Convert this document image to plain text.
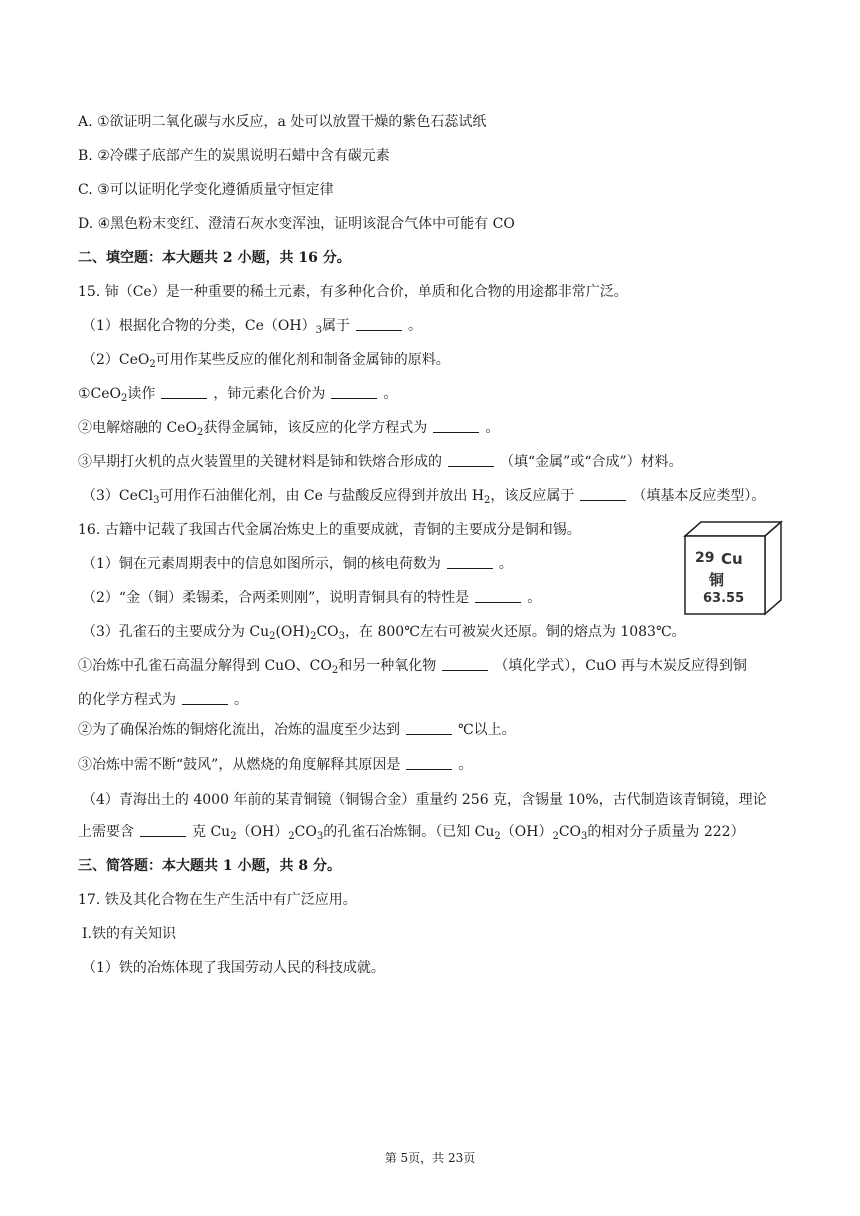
A. ①欲证明二氧化碳与水反应，a 处可以放置干燥的紫色石蕊试纸
B. ②冷碟子底部产生的炭黑说明石蜡中含有碳元素
C. ③可以证明化学变化遵循质量守恒定律
D. ④黑色粉末变红、澄清石灰水变浑浊，证明该混合气体中可能有 CO
二、填空题：本大题共 2 小题，共 16 分。
15. 铈（Ce）是一种重要的稀土元素，有多种化合价，单质和化合物的用途都非常广泛。
（1）根据化合物的分类，$Ce(OH)_3$属于	。
（2）CeO$_2$可用作某些反应的催化剂和制备金属铈的原料。
①CeO$_2$读作	，铈元素化合价为	。
②电解熔融的 CeO$_2$获得金属铈，该反应的化学方程式为	。
③早期打火机的点火装置里的关键材料是铈和铁熔合形成的	（填“金属”或“合成”）材料。
（3）CeCl$_3$可用作石油催化剂，由 Ce 与盐酸反应得到并放出 $H_2$，该反应属于	（填基本反应类型）。
16. 古籍中记载了我国古代金属冶炼史上的重要成就，青铜的主要成分是铜和锡。
（1）铜在元素周期表中的信息如图所示，铜的核电荷数为	。
（2）“金（铜）柔锡柔，合两柔则刚”，说明青铜具有的特性是	。
（3）孔雀石的主要成分为 $Cu_2(OH)_2CO_3$，在 800℃左右可被炭火还原。铜的熔点为 1083℃。
①冶炼中孔雀石高温分解得到 CuO、$CO_2$和另一种氧化物	（填化学式），CuO 再与木炭反应得到铜
的化学方程式为	。
②为了确保冶炼的铜熔化流出，冶炼的温度至少达到	℃以上。
③冶炼中需不断“鼓风”，从燃烧的角度解释其原因是	。
（4）青海出土的 4000 年前的某青铜镜（铜锡合金）重量约 256 克，含锡量 10%，古代制造该青铜镜，理论
上需要含	克 $Cu_2(OH)_2CO_3$的孔雀石冶炼铜。（已知 $Cu_2(OH)_2CO_3$的相对分子质量为 222）
三、简答题：本大题共 1 小题，共 8 分。
17. 铁及其化合物在生产生活中有广泛应用。
Ⅰ.铁的有关知识
（1）铁的冶炼体现了我国劳动人民的科技成就。
29 Cu
铜
63.55
第 5页，共 23页
